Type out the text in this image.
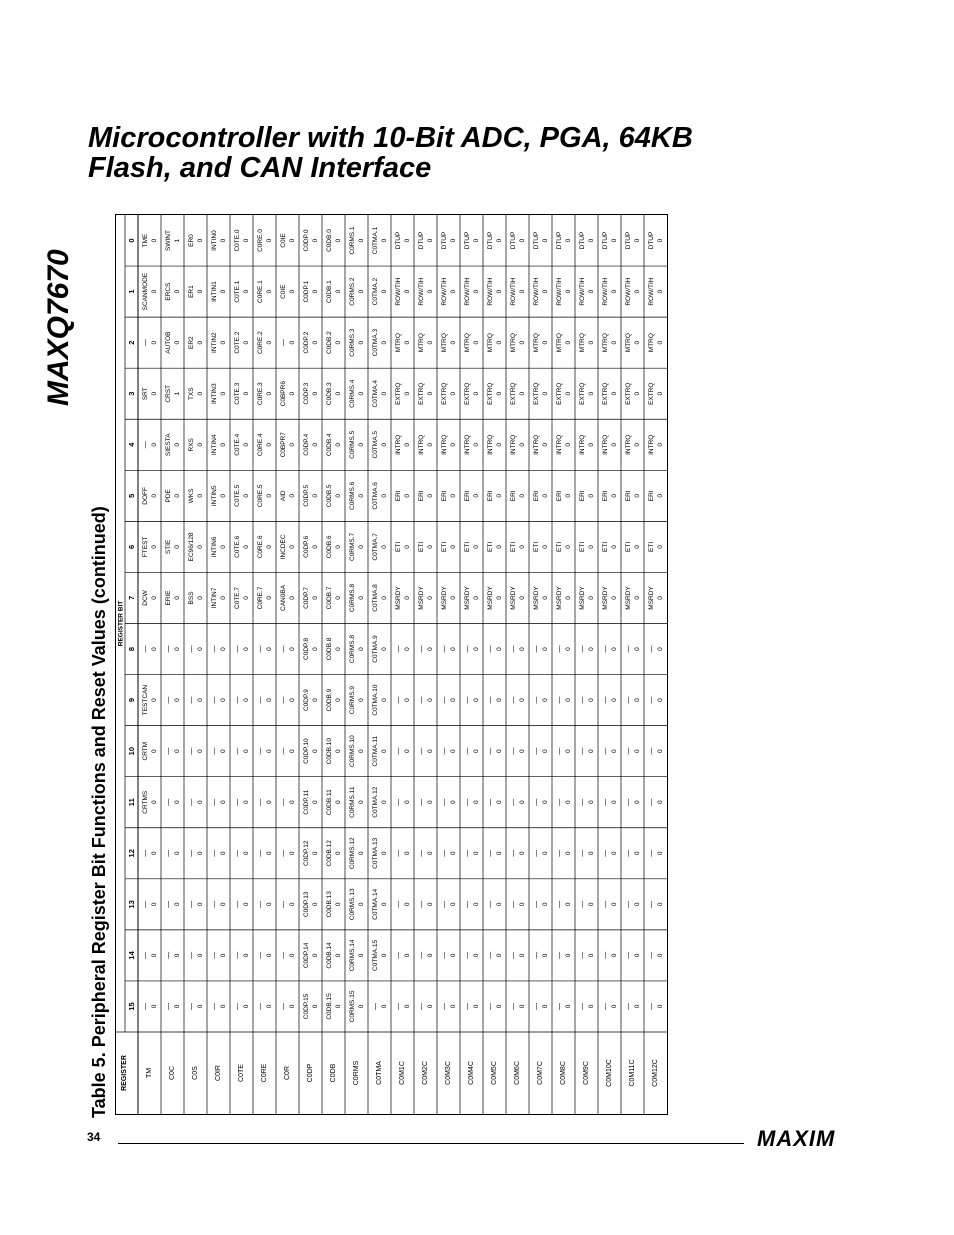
MAXQ7670
Microcontroller with 10-Bit ADC, PGA, 64KB Flash, and CAN Interface
Table 5. Peripheral Register Bit Functions and Reset Values (continued)	REGISTER
REGISTER BIT
15
14
13
12
11
10
9
8
7
6
5
4
3
2
1
0
TM
— 0
— 0
— 0
— 0
CRTMS 0
CRTM 0
TESTCAN 0
— 0
DCW 0
FTEST 0
DOFF 0
— 0
SRT 0
— 0
SCANMODE 0
TME 0
C0C
— 0
— 0
— 0
— 0
— 0
— 0
— 0
— 0
ERIE 0
STIE 0
PDE 0
SIESTA 0
CRST 1
AUTOB 0
ERCS 0
SWINT 1
C0S
— 0
— 0
— 0
— 0
— 0
— 0
— 0
— 0
BSS 0
EC96/128 0
WKS 0
RXS 0
TXS 0
ER2 0
ER1 0
ER0 0
C0IR
— 0
— 0
— 0
— 0
— 0
— 0
— 0
— 0
INTIN7 0
INTIN6 0
INTIN5 0
INTIN4 0
INTIN3 0
INTIN2 0
INTIN1 0
INTIN0 0
C0TE
— 0
— 0
— 0
— 0
— 0
— 0
— 0
— 0
C0TE.7 0
C0TE.6 0
C0TE.5 0
C0TE.4 0
C0TE.3 0
C0TE.2 0
C0TE.1 0
C0TE.0 0
C0RE
— 0
— 0
— 0
— 0
— 0
— 0
— 0
— 0
C0RE.7 0
C0RE.6 0
C0RE.5 0
C0RE.4 0
C0RE.3 0
C0RE.2 0
C0RE.1 0
C0RE.0 0
C0R
— 0
— 0
— 0
— 0
— 0
— 0
— 0
— 0
CAN0BA 0
INCDEC 0
AID 0
C0BPR7 0
C0BPR6 0
— 0
C0IE 0
C0IE 0
C0DP
C0DP.15 0
C0DP.14 0
C0DP.13 0
C0DP.12 0
C0DP.11 0
C0DP.10 0
C0DP.9 0
C0DP.8 0
C0DP.7 0
C0DP.6 0
C0DP.5 0
C0DP.4 0
C0DP.3 0
C0DP.2 0
C0DP.1 0
C0DP.0 0
C0DB
C0DB.15 0
C0DB.14 0
C0DB.13 0
C0DB.12 0
C0DB.11 0
C0DB.10 0
C0DB.9 0
C0DB.8 0
C0DB.7 0
C0DB.6 0
C0DB.5 0
C0DB.4 0
C0DB.3 0
C0DB.2 0
C0DB.1 0
C0DB.0 0
C0RMS
C0RMS.15 0
C0RMS.14 0
C0RMS.13 0
C0RMS.12 0
C0RMS.11 0
C0RMS.10 0
C0RMS.9 0
C0RMS.8 0
C0RMS.8 0
C0RMS.7 0
C0RMS.6 0
C0RMS.5 0
C0RMS.4 0
C0RMS.3 0
C0RMS.2 0
C0RMS.1 0
C0TMA
— 0
C0TMA.15 0
C0TMA.14 0
C0TMA.13 0
C0TMA.12 0
C0TMA.11 0
C0TMA.10 0
C0TMA.9 0
C0TMA.8 0
C0TMA.7 0
C0TMA.6 0
C0TMA.5 0
C0TMA.4 0
C0TMA.3 0
C0TMA.2 0
C0TMA.1 0
C0M1C
— 0
— 0
— 0
— 0
— 0
— 0
— 0
— 0
MSRDY 0
ETI 0
ERI 0
INTRQ 0
EXTRQ 0
MTRQ 0
ROW/TIH 0
DTUP 0
C0M2C
— 0
— 0
— 0
— 0
— 0
— 0
— 0
— 0
MSRDY 0
ETI 0
ERI 0
INTRQ 0
EXTRQ 0
MTRQ 0
ROW/TIH 0
DTUP 0
C0M3C
— 0
— 0
— 0
— 0
— 0
— 0
— 0
— 0
MSRDY 0
ETI 0
ERI 0
INTRQ 0
EXTRQ 0
MTRQ 0
ROW/TIH 0
DTUP 0
C0M4C
— 0
— 0
— 0
— 0
— 0
— 0
— 0
— 0
MSRDY 0
ETI 0
ERI 0
INTRQ 0
EXTRQ 0
MTRQ 0
ROW/TIH 0
DTUP 0
C0M5C
— 0
— 0
— 0
— 0
— 0
— 0
— 0
— 0
MSRDY 0
ETI 0
ERI 0
INTRQ 0
EXTRQ 0
MTRQ 0
ROW/TIH 0
DTUP 0
C0M6C
— 0
— 0
— 0
— 0
— 0
— 0
— 0
— 0
MSRDY 0
ETI 0
ERI 0
INTRQ 0
EXTRQ 0
MTRQ 0
ROW/TIH 0
DTUP 0
C0M7C
— 0
— 0
— 0
— 0
— 0
— 0
— 0
— 0
MSRDY 0
ETI 0
ERI 0
INTRQ 0
EXTRQ 0
MTRQ 0
ROW/TIH 0
DTUP 0
C0M8C
— 0
— 0
— 0
— 0
— 0
— 0
— 0
— 0
MSRDY 0
ETI 0
ERI 0
INTRQ 0
EXTRQ 0
MTRQ 0
ROW/TIH 0
DTUP 0
C0M9C
— 0
— 0
— 0
— 0
— 0
— 0
— 0
— 0
MSRDY 0
ETI 0
ERI 0
INTRQ 0
EXTRQ 0
MTRQ 0
ROW/TIH 0
DTUP 0
C0M10C
— 0
— 0
— 0
— 0
— 0
— 0
— 0
— 0
MSRDY 0
ETI 0
ERI 0
INTRQ 0
EXTRQ 0
MTRQ 0
ROW/TIH 0
DTUP 0
C0M11C
— 0
— 0
— 0
— 0
— 0
— 0
— 0
— 0
MSRDY 0
ETI 0
ERI 0
INTRQ 0
EXTRQ 0
MTRQ 0
ROW/TIH 0
DTUP 0
C0M12C
— 0
— 0
— 0
— 0
— 0
— 0
— 0
— 0
MSRDY 0
ETI 0
ERI 0
INTRQ 0
EXTRQ 0
MTRQ 0
ROW/TIH 0
DTUP 0
34	MAXIM
